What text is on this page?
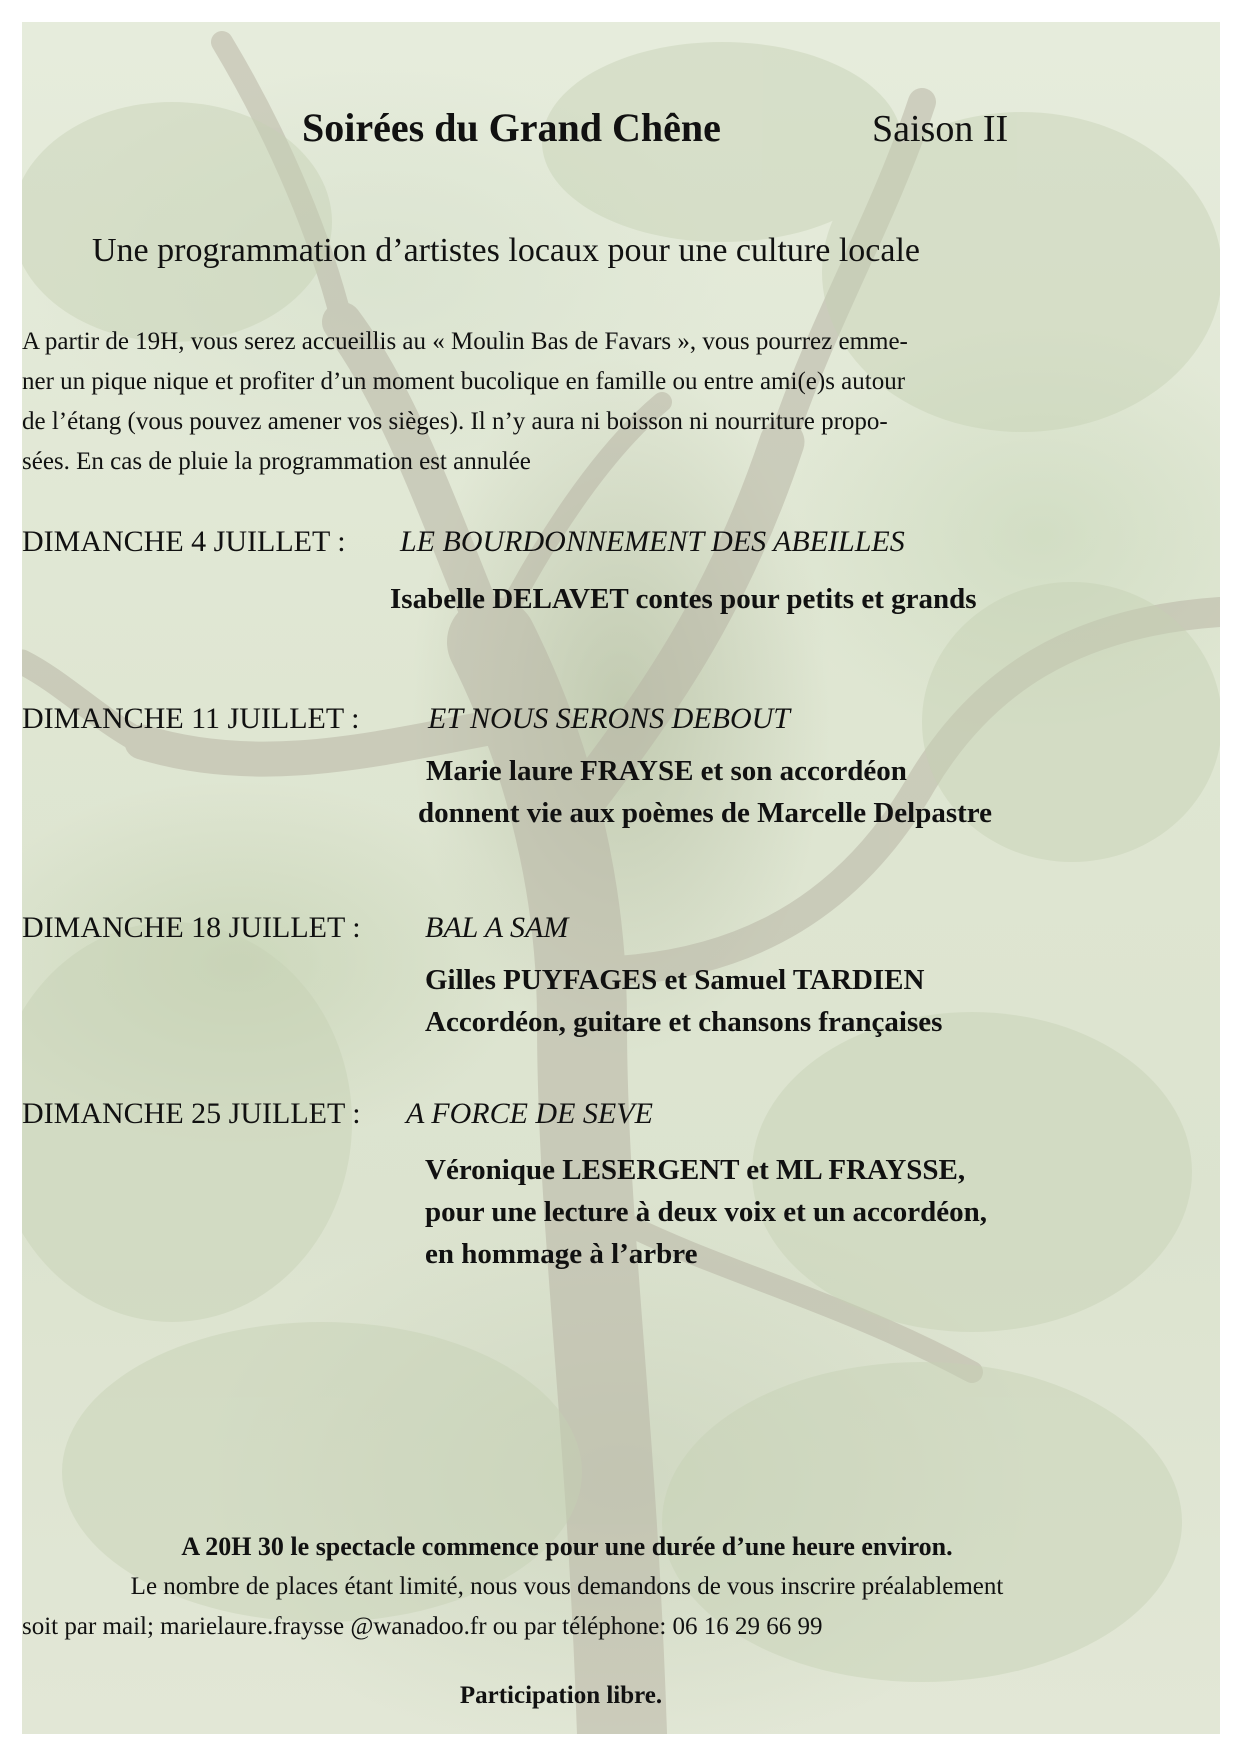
Soirées du Grand Chêne	Saison II

Une programmation d’artistes locaux pour une culture locale

A partir de 19H, vous serez accueillis au « Moulin Bas de Favars », vous pourrez emme-
ner un pique nique et profiter d’un moment bucolique en famille ou entre ami(e)s autour
de l’étang (vous pouvez amener vos sièges). Il n’y aura ni boisson ni nourriture propo-
sées. En cas de pluie la programmation est annulée

DIMANCHE 4 JUILLET : LE BOURDONNEMENT DES ABEILLES

Isabelle DELAVET contes pour petits et grands

DIMANCHE 11 JUILLET : ET NOUS SERONS DEBOUT

Marie laure FRAYSE et son accordéon
donnent vie aux poèmes de Marcelle Delpastre

DIMANCHE 18 JUILLET : BAL A SAM

Gilles PUYFAGES et Samuel TARDIEN
Accordéon, guitare et chansons françaises

DIMANCHE 25 JUILLET : A FORCE DE SEVE

Véronique LESERGENT et ML FRAYSSE,
pour une lecture à deux voix et un accordéon,
en hommage à l’arbre

A 20H 30 le spectacle commence pour une durée d’une heure environ.
Le nombre de places étant limité, nous vous demandons de vous inscrire préalablement
soit par mail; marielaure.fraysse @wanadoo.fr ou par téléphone: 06 16 29 66 99

Participation libre.
